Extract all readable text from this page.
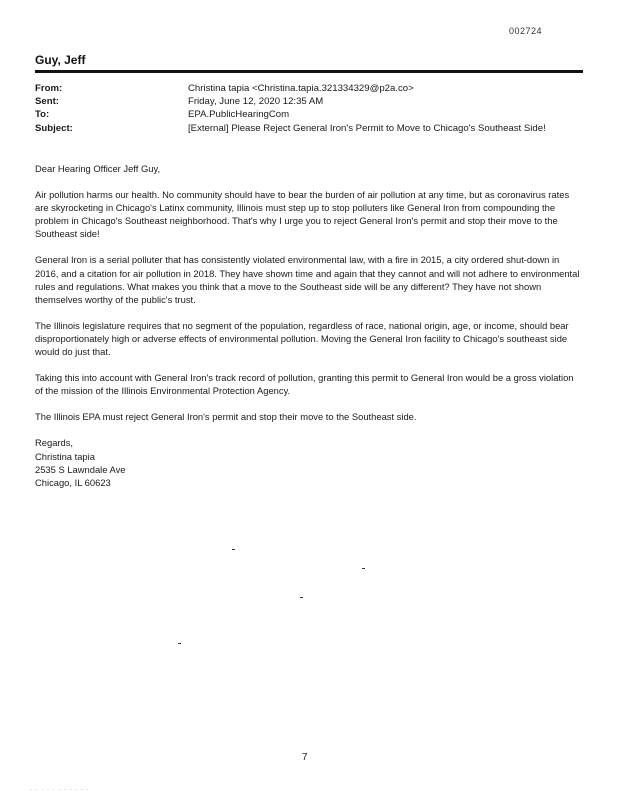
002724
Guy, Jeff
From:	Christina tapia <Christina.tapia.321334329@p2a.co>
Sent:	Friday, June 12, 2020 12:35 AM
To:	EPA.PublicHearingCom
Subject:	[External] Please Reject General Iron's Permit to Move to Chicago's Southeast Side!

Dear Hearing Officer Jeff Guy,

Air pollution harms our health. No community should have to bear the burden of air pollution at any time, but as coronavirus rates are skyrocketing in Chicago's Latinx community, Illinois must step up to stop polluters like General Iron from compounding the problem in Chicago's Southeast neighborhood. That's why I urge you to reject General Iron's permit and stop their move to the Southeast side!

General Iron is a serial polluter that has consistently violated environmental law, with a fire in 2015, a city ordered shut-down in 2016, and a citation for air pollution in 2018. They have shown time and again that they cannot and will not adhere to environmental rules and regulations. What makes you think that a move to the Southeast side will be any different? They have not shown themselves worthy of the public's trust.

The Illinois legislature requires that no segment of the population, regardless of race, national origin, age, or income, should bear disproportionately high or adverse effects of environmental pollution. Moving the General Iron facility to Chicago's southeast side would do just that.

Taking this into account with General Iron's track record of pollution, granting this permit to General Iron would be a gross violation of the mission of the Illinois Environmental Protection Agency.

The Illinois EPA must reject General Iron's permit and stop their move to the Southeast side.

Regards,
Christina tapia
2535 S Lawndale Ave
Chicago, IL 60623
7
· · · · · · · · · · ·
